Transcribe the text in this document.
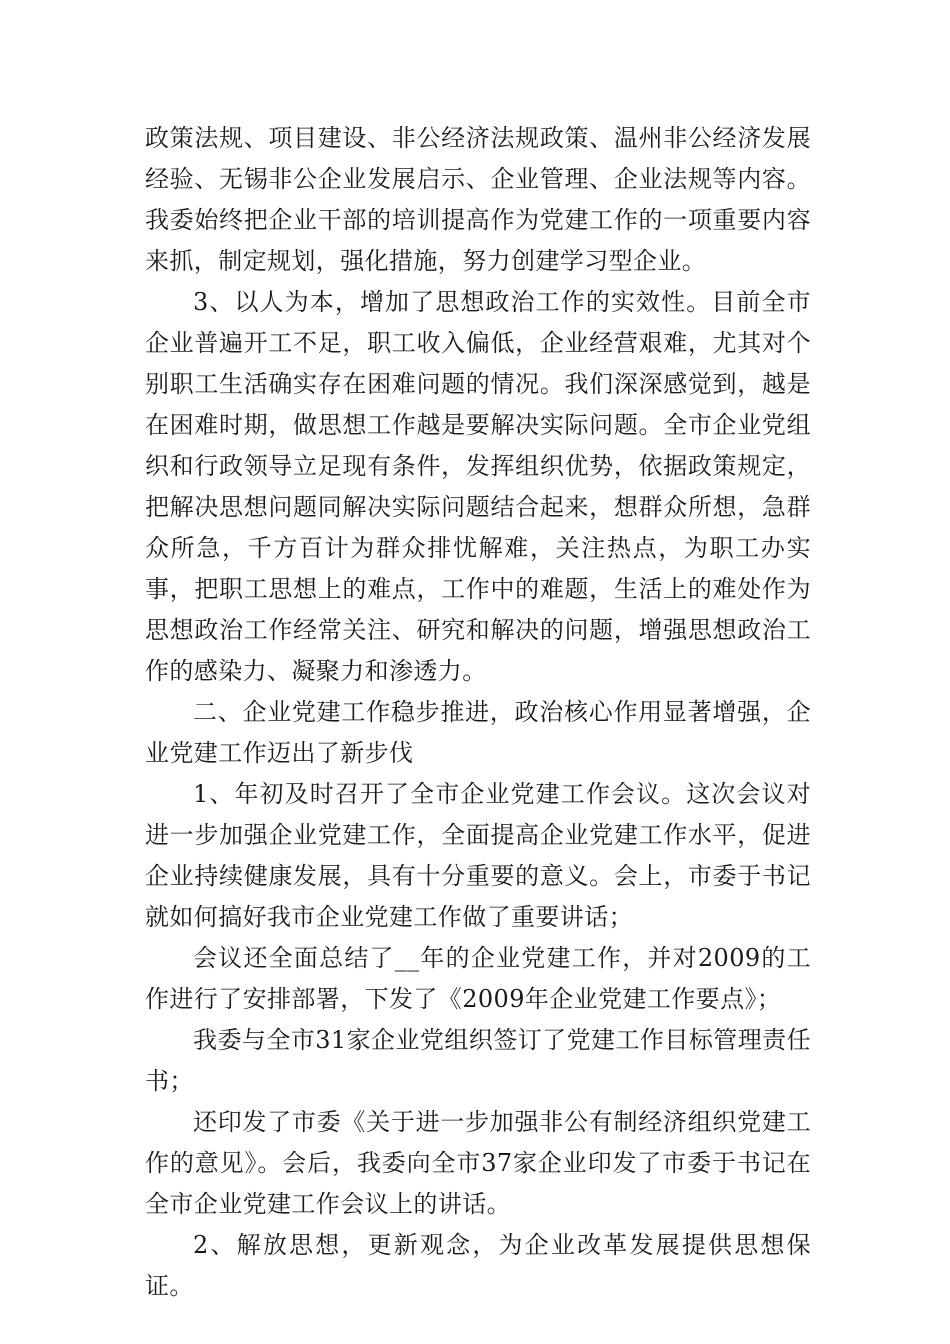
政策法规、项目建设、非公经济法规政策、温州非公经济发展经验、无锡非公企业发展启示、企业管理、企业法规等内容。我委始终把企业干部的培训提高作为党建工作的一项重要内容来抓，制定规划，强化措施，努力创建学习型企业。

3、以人为本，增加了思想政治工作的实效性。目前全市企业普遍开工不足，职工收入偏低，企业经营艰难，尤其对个别职工生活确实存在困难问题的情况。我们深深感觉到，越是在困难时期，做思想工作越是要解决实际问题。全市企业党组织和行政领导立足现有条件，发挥组织优势，依据政策规定，把解决思想问题同解决实际问题结合起来，想群众所想，急群众所急，千方百计为群众排忧解难，关注热点，为职工办实事，把职工思想上的难点，工作中的难题，生活上的难处作为思想政治工作经常关注、研究和解决的问题，增强思想政治工作的感染力、凝聚力和渗透力。

二、企业党建工作稳步推进，政治核心作用显著增强，企业党建工作迈出了新步伐

1、年初及时召开了全市企业党建工作会议。这次会议对进一步加强企业党建工作，全面提高企业党建工作水平，促进企业持续健康发展，具有十分重要的意义。会上，市委于书记就如何搞好我市企业党建工作做了重要讲话；

会议还全面总结了__年的企业党建工作，并对2009的工作进行了安排部署，下发了《2009年企业党建工作要点》；

我委与全市31家企业党组织签订了党建工作目标管理责任书；

还印发了市委《关于进一步加强非公有制经济组织党建工作的意见》。会后，我委向全市37家企业印发了市委于书记在全市企业党建工作会议上的讲话。

2、解放思想，更新观念，为企业改革发展提供思想保证。
